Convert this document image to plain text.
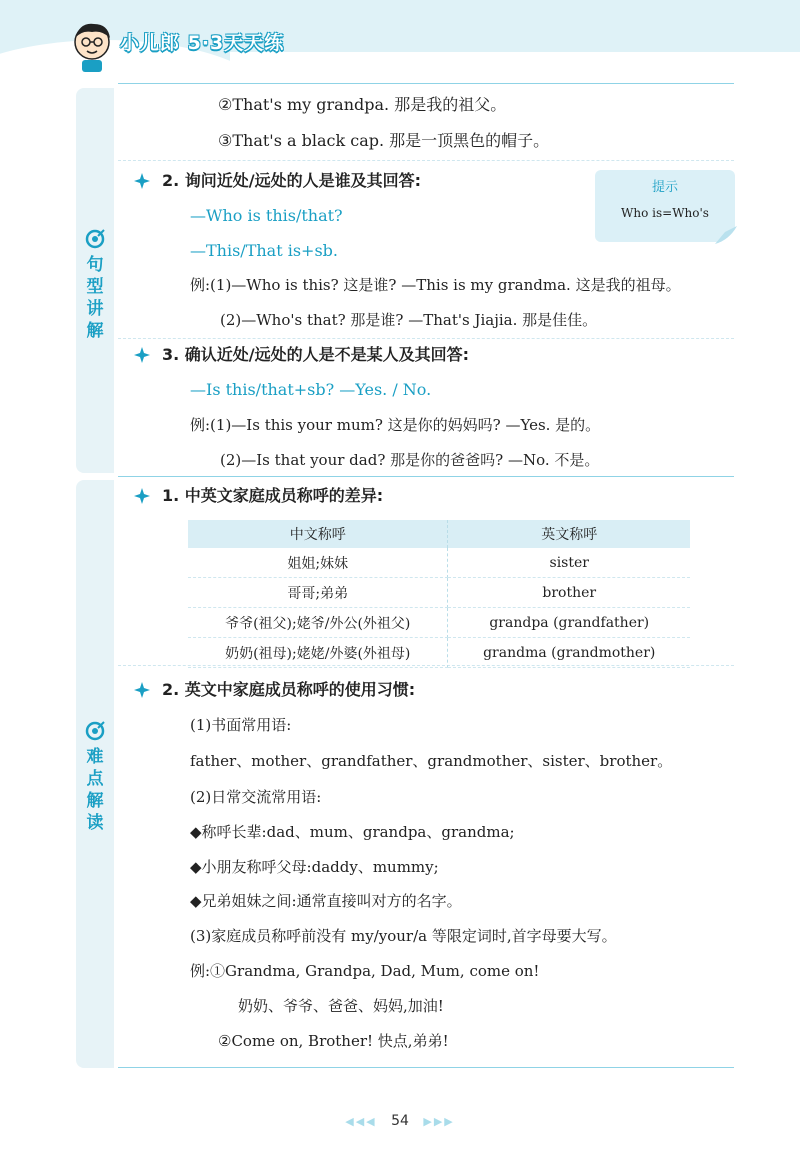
小儿郎 5·3天天练
句型讲解
难点解读
②That's my grandpa. 那是我的祖父。
③That's a black cap. 那是一顶黑色的帽子。
2. 询问近处/远处的人是谁及其回答:
—Who is this/that?
—This/That is+sb.
例:(1)—Who is this? 这是谁? —This is my grandma. 这是我的祖母。
(2)—Who's that? 那是谁? —That's Jiajia. 那是佳佳。
提示
Who is=Who's
3. 确认近处/远处的人是不是某人及其回答:
—Is this/that+sb? —Yes. / No.
例:(1)—Is this your mum? 这是你的妈妈吗? —Yes. 是的。
(2)—Is that your dad? 那是你的爸爸吗? —No. 不是。
1. 中英文家庭成员称呼的差异:
中文称呼	英文称呼
姐姐;妹妹	sister
哥哥;弟弟	brother
爷爷(祖父);姥爷/外公(外祖父)	grandpa (grandfather)
奶奶(祖母);姥姥/外婆(外祖母)	grandma (grandmother)
2. 英文中家庭成员称呼的使用习惯:
(1)书面常用语:
father、mother、grandfather、grandmother、sister、brother。
(2)日常交流常用语:
◆称呼长辈:dad、mum、grandpa、grandma;
◆小朋友称呼父母:daddy、mummy;
◆兄弟姐妹之间:通常直接叫对方的名字。
(3)家庭成员称呼前没有 my/your/a 等限定词时,首字母要大写。
例:①Grandma, Grandpa, Dad, Mum, come on!
奶奶、爷爷、爸爸、妈妈,加油!
②Come on, Brother! 快点,弟弟!
◀◀◀ 54 ▶▶▶
